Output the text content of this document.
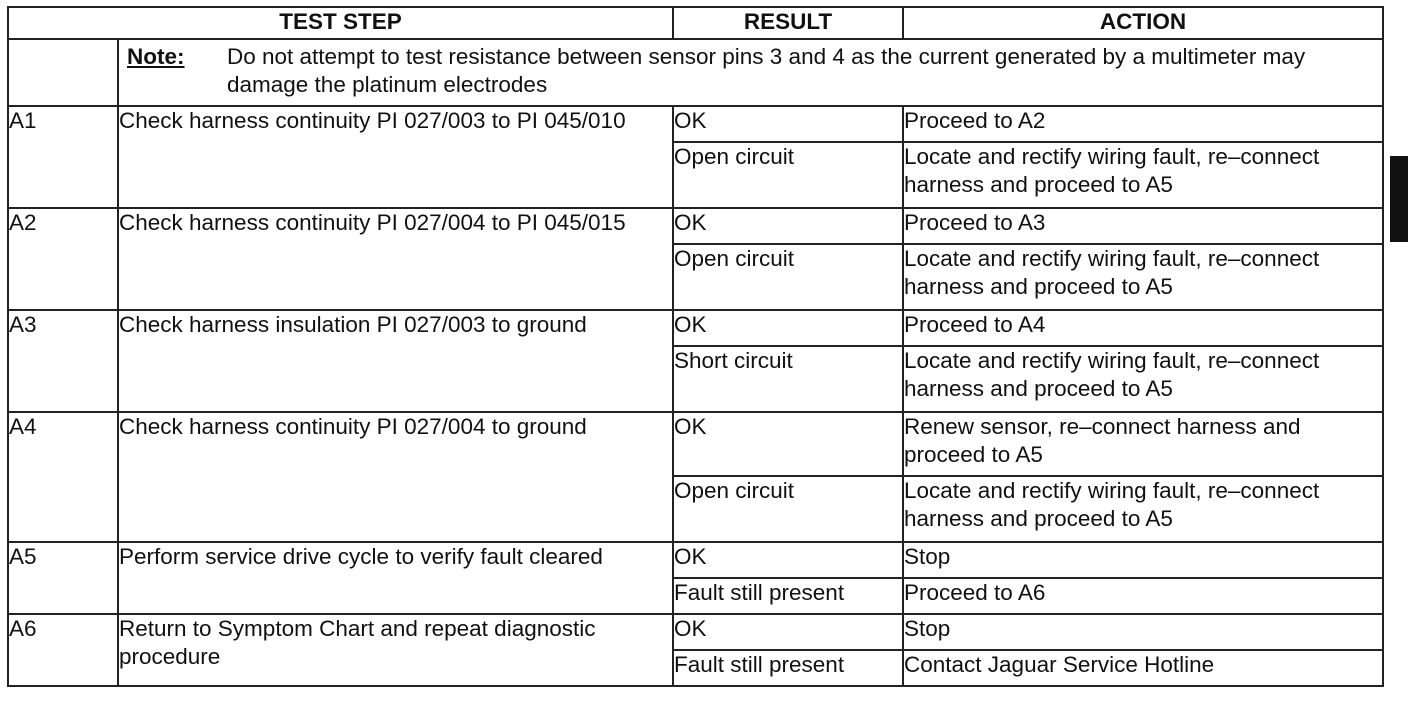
TEST STEP		RESULT	ACTION

	Note: Do not attempt to test resistance between sensor pins 3 and 4 as the current generated by a multimeter may damage the platinum electrodes		

A1	Check harness continuity PI 027/003 to PI 045/010	OK	Proceed to A2
		Open circuit	Locate and rectify wiring fault, re–connect harness and proceed to A5
A2	Check harness continuity PI 027/004 to PI 045/015	OK	Proceed to A3
		Open circuit	Locate and rectify wiring fault, re–connect harness and proceed to A5
A3	Check harness insulation PI 027/003 to ground	OK	Proceed to A4
		Short circuit	Locate and rectify wiring fault, re–connect harness and proceed to A5
A4	Check harness continuity PI 027/004 to ground	OK	Renew sensor, re–connect harness and proceed to A5
		Open circuit	Locate and rectify wiring fault, re–connect harness and proceed to A5
A5	Perform service drive cycle to verify fault cleared	OK	Stop
		Fault still present	Proceed to A6
A6	Return to Symptom Chart and repeat diagnostic procedure	OK	Stop
		Fault still present	Contact Jaguar Service Hotline
